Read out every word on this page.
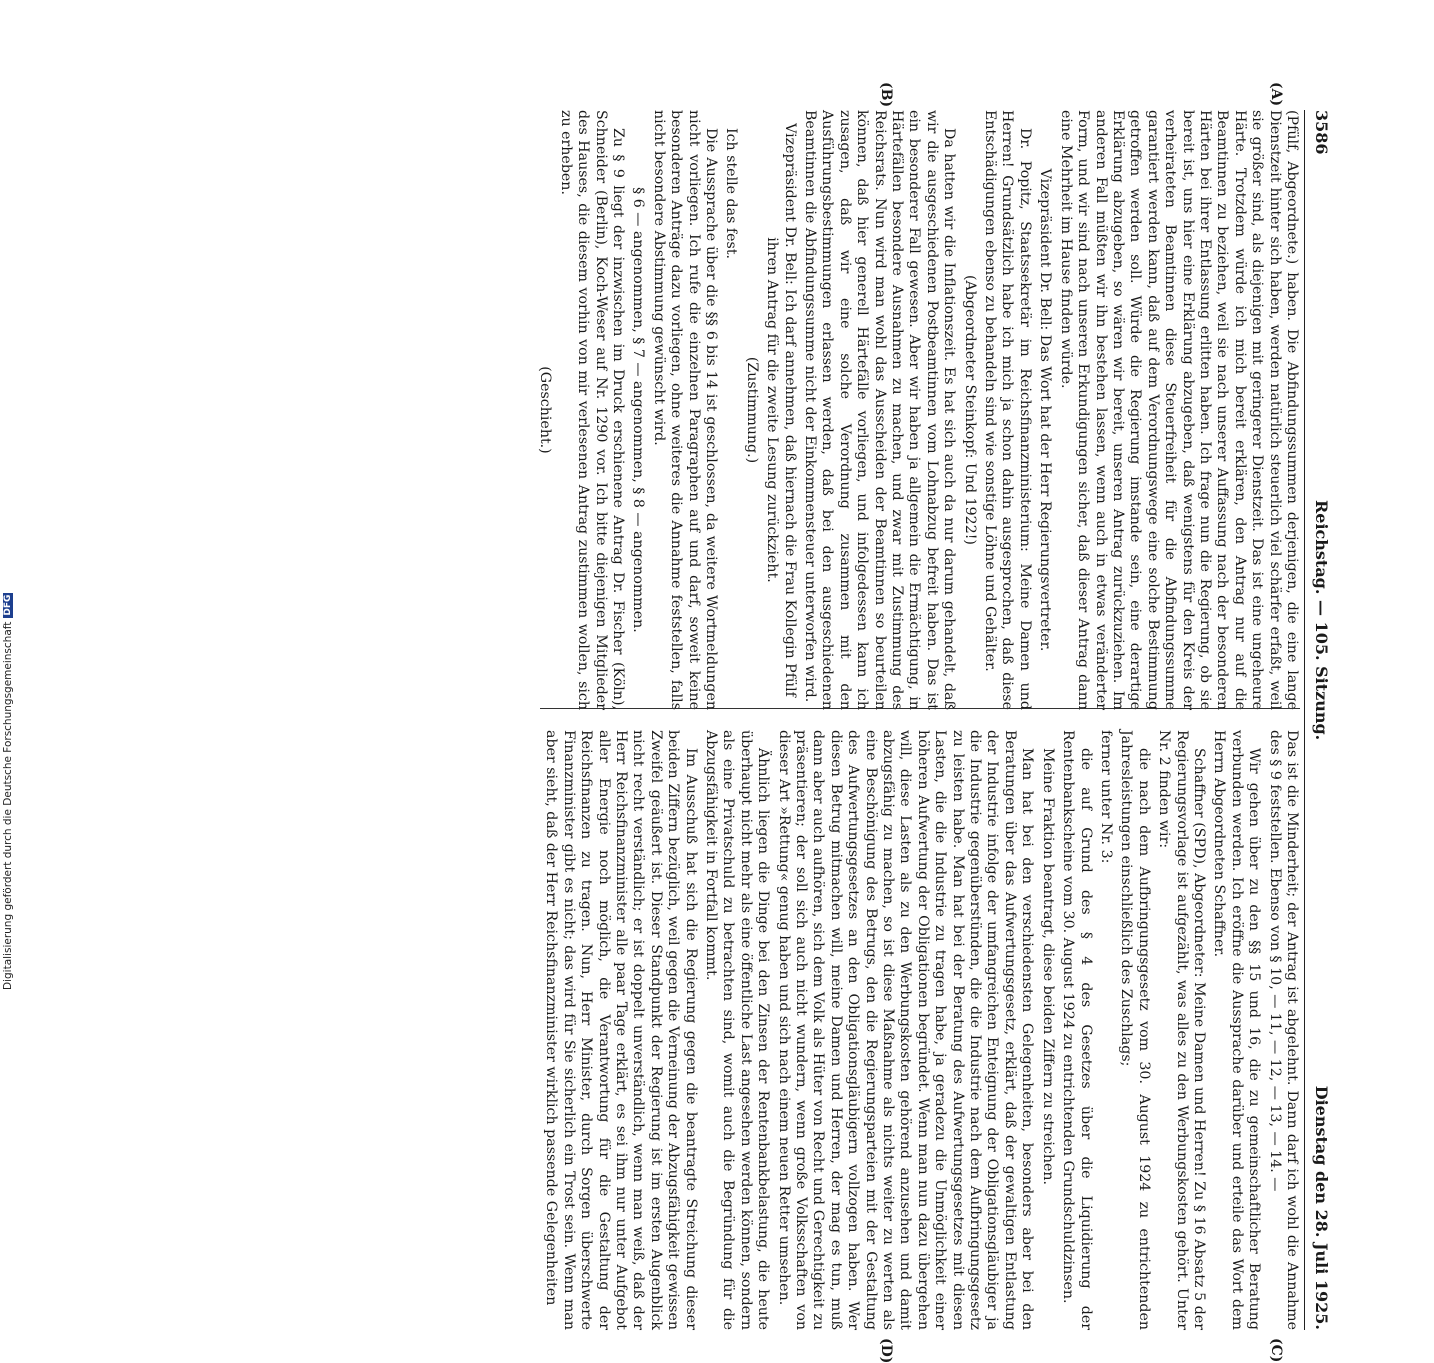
3586
Reichstag. — 105. Sitzung.
Dienstag den 28. Juli 1925.
(A)
(B)
(C)
(D)

(Pfülf, Abgeordnete.) haben. Die Abfindungssummen derjenigen, die eine lange Dienstzeit hinter sich haben, werden natürlich steuerlich viel schärfer erfaßt, weil sie größer sind, als diejenigen mit geringerer Dienstzeit. Das ist eine ungeheure Härte. Trotzdem würde ich mich bereit erklären, den Antrag nur auf die Beamtinnen zu beziehen, weil sie nach unserer Auffassung nach der besonderen Härten bei ihrer Entlassung erlitten haben. Ich frage nun die Regierung, ob sie bereit ist, uns hier eine Erklärung abzugeben, daß wenigstens für den Kreis der verheirateten Beamtinnen diese Steuerfreiheit für die Abfindungssumme garantiert werden kann, daß auf dem Verordnungswege eine solche Bestimmung getroffen werden soll. Würde die Regierung imstande sein, eine derartige Erklärung abzugeben, so wären wir bereit, unseren Antrag zurückzuziehen. Im anderen Fall müßten wir ihn bestehen lassen, wenn auch in etwas veränderter Form, und wir sind nach unseren Erkundigungen sicher, daß dieser Antrag dann eine Mehrheit im Hause finden würde.

Vizepräsident Dr. Bell: Das Wort hat der Herr Regierungsvertreter.

Dr. Popitz, Staatssekretär im Reichsfinanzministerium: Meine Damen und Herren! Grundsätzlich habe ich mich ja schon dahin ausgesprochen, daß diese Entschädigungen ebenso zu behandeln sind wie sonstige Löhne und Gehälter.

(Abgeordneter Steinkopf: Und 1922!)

Da hatten wir die Inflationszeit. Es hat sich auch da nur darum gehandelt, daß wir die ausgeschiedenen Postbeamtinnen vom Lohnabzug befreit haben. Das ist ein besonderer Fall gewesen. Aber wir haben ja allgemein die Ermächtigung, in Härtefällen besondere Ausnahmen zu machen, und zwar mit Zustimmung des Reichsrats. Nun wird man wohl das Ausscheiden der Beamtinnen so beurteilen können, daß hier generell Härtefälle vorliegen, und infolgedessen kann ich zusagen, daß wir eine solche Verordnung zusammen mit den Ausführungsbestimmungen erlassen werden, daß bei den ausgeschiedenen Beamtinnen die Abfindungssumme nicht der Einkommensteuer unterworfen wird.

Vizepräsident Dr. Bell: Ich darf annehmen, daß hiernach die Frau Kollegin Pfülf ihren Antrag für die zweite Lesung zurückzieht.

(Zustimmung.)

Ich stelle das fest.

Die Aussprache über die §§ 6 bis 14 ist geschlossen, da weitere Wortmeldungen nicht vorliegen. Ich rufe die einzelnen Paragraphen auf und darf, soweit keine besonderen Anträge dazu vorliegen, ohne weiteres die Annahme feststellen, falls nicht besondere Abstimmung gewünscht wird.

§ 6 — angenommen, § 7 — angenommen, § 8 — angenommen.

Zu § 9 liegt der inzwischen im Druck erschienene Antrag Dr. Fischer (Köln), Schneider (Berlin), Koch-Weser auf Nr. 1290 vor. Ich bitte diejenigen Mitglieder des Hauses, die diesem vorhin von mir verlesenen Antrag zustimmen wollen, sich zu erheben.

(Geschieht.)

Das ist die Minderheit; der Antrag ist abgelehnt. Dann darf ich wohl die Annahme des § 9 feststellen. Ebenso von § 10, — 11, — 12, — 13, — 14. —

Wir gehen über zu den §§ 15 und 16, die zu gemeinschaftlicher Beratung verbunden werden. Ich eröffne die Aussprache darüber und erteile das Wort dem Herrn Abgeordneten Schaffner.

Schaffner (SPD), Abgeordneter: Meine Damen und Herren! Zu § 16 Absatz 5 der Regierungsvorlage ist aufgezählt, was alles zu den Werbungskosten gehört. Unter Nr. 2 finden wir:

die nach dem Aufbringungsgesetz vom 30. August 1924 zu entrichtenden Jahresleistungen einschließlich des Zuschlags;

ferner unter Nr. 3:

die auf Grund des § 4 des Gesetzes über die Liquidierung der Rentenbankscheine vom 30. August 1924 zu entrichtenden Grundschuldzinsen.

Meine Fraktion beantragt, diese beiden Ziffern zu streichen.

Man hat bei den verschiedensten Gelegenheiten, besonders aber bei den Beratungen über das Aufwertungsgesetz, erklärt, daß der gewaltigen Entlastung der Industrie infolge der umfangreichen Enteignung der Obligationsgläubiger ja die Industrie gegenüberstünden, die die Industrie nach dem Aufbringungsgesetz zu leisten habe. Man hat bei der Beratung des Aufwertungsgesetzes mit diesen Lasten, die die Industrie zu tragen habe, ja geradezu die Unmöglichkeit einer höheren Aufwertung der Obligationen begründet. Wenn man nun dazu übergehen will, diese Lasten als zu den Werbungskosten gehörend anzusehen und damit abzugsfähig zu machen, so ist diese Maßnahme als nichts weiter zu werten als eine Beschönigung des Betrugs, den die Regierungsparteien mit der Gestaltung des Aufwertungsgesetzes an den Obligationsgläubigern vollzogen haben. Wer diesen Betrug mitmachen will, meine Damen und Herren, der mag es tun, muß dann aber auch aufhören, sich dem Volk als Hüter von Recht und Gerechtigkeit zu präsentieren; der soll sich auch nicht wundern, wenn große Volksschaften von dieser Art »Rettung« genug haben und sich nach einem neuen Retter umsehen.

Ähnlich liegen die Dinge bei den Zinsen der Rentenbankbelastung, die heute überhaupt nicht mehr als eine öffentliche Last angesehen werden können, sondern als eine Privatschuld zu betrachten sind, womit auch die Begründung für die Abzugsfähigkeit in Fortfall kommt.

Im Ausschuß hat sich die Regierung gegen die beantragte Streichung dieser beiden Ziffern bezüglich, weil gegen die Verneinung der Abzugsfähigkeit gewissen Zweifel geäußert ist. Dieser Standpunkt der Regierung ist im ersten Augenblick nicht recht verständlich; er ist doppelt unverständlich, wenn man weiß, daß der Herr Reichsfinanzminister alle paar Tage erklärt, es sei ihm nur unter Aufgebot aller Energie noch möglich, die Verantwortung für die Gestaltung der Reichsfinanzen zu tragen. Nun, Herr Minister, durch Sorgen überschwerte Finanzminister gibt es nicht; das wird für Sie sicherlich ein Trost sein. Wenn man aber sieht, daß der Herr Reichsfinanzminister wirklich passende Gelegenheiten

Digitalisierung gefördert durch die Deutsche Forschungsgemeinschaft
DFG
